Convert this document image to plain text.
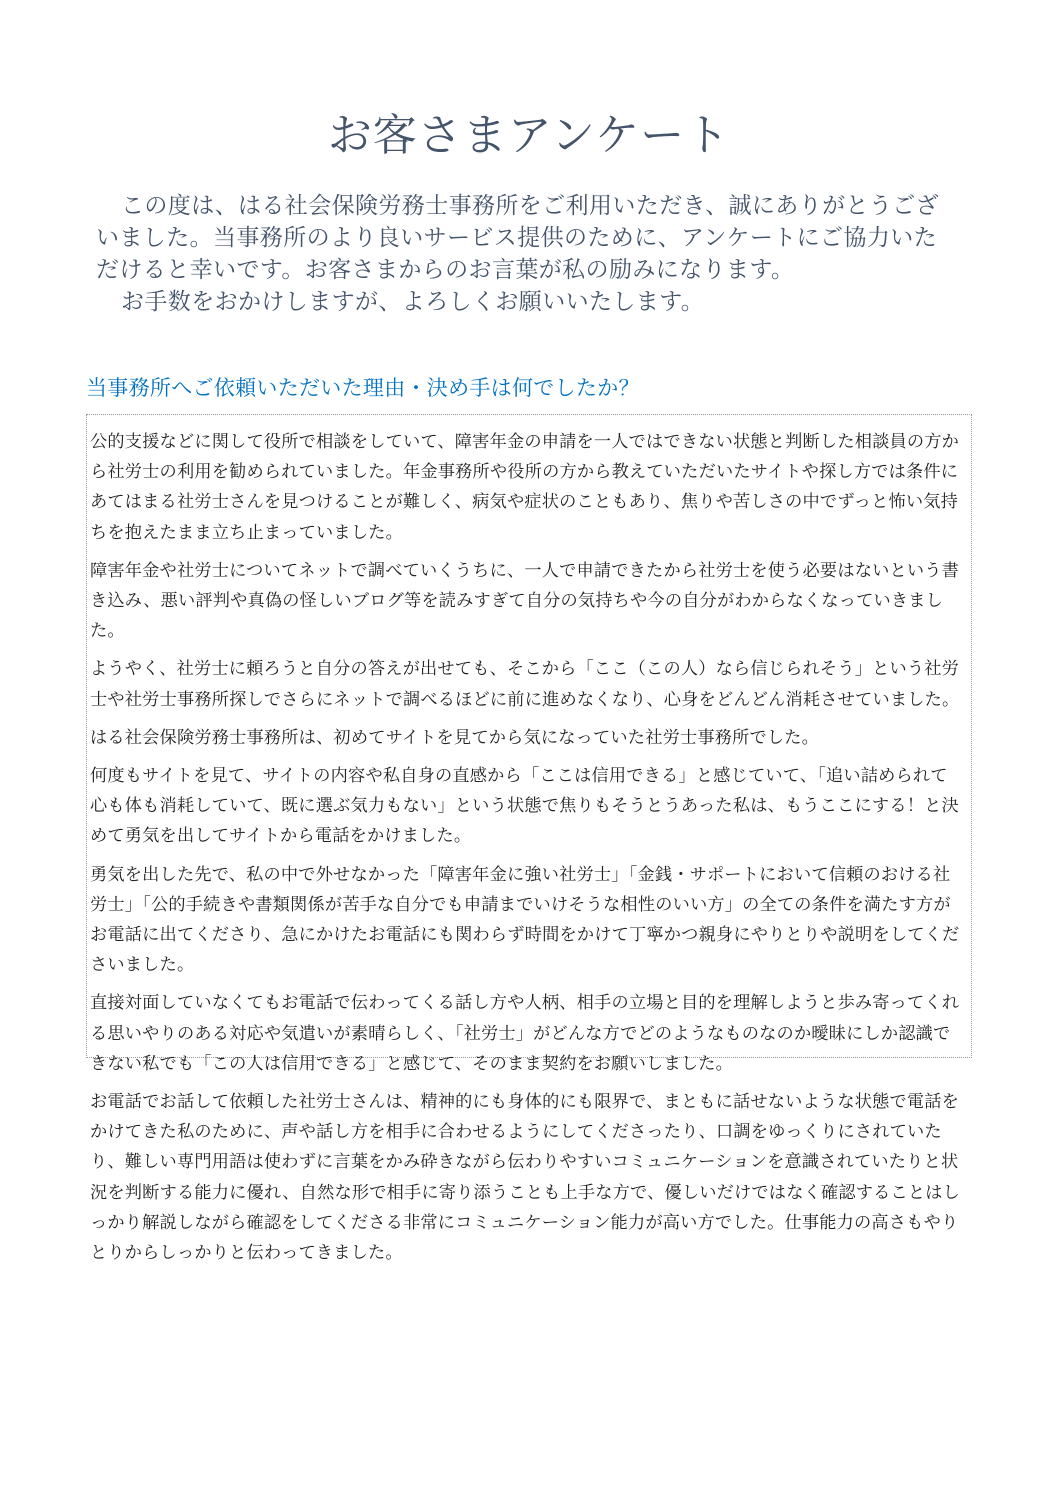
お客さまアンケート

この度は、はる社会保険労務士事務所をご利用いただき、誠にありがとうございました。当事務所のより良いサービス提供のために、アンケートにご協力いただけると幸いです。お客さまからのお言葉が私の励みになります。

お手数をおかけしますが、よろしくお願いいたします。

当事務所へご依頼いただいた理由・決め手は何でしたか？

公的支援などに関して役所で相談をしていて、障害年金の申請を一人ではできない状態と判断した相談員の方から社労士の利用を勧められていました。年金事務所や役所の方から教えていただいたサイトや探し方では条件にあてはまる社労士さんを見つけることが難しく、病気や症状のこともあり、焦りや苦しさの中でずっと怖い気持ちを抱えたまま立ち止まっていました。

障害年金や社労士についてネットで調べていくうちに、一人で申請できたから社労士を使う必要はないという書き込み、悪い評判や真偽の怪しいブログ等を読みすぎて自分の気持ちや今の自分がわからなくなっていきました。

ようやく、社労士に頼ろうと自分の答えが出せても、そこから「ここ（この人）なら信じられそう」という社労士や社労士事務所探しでさらにネットで調べるほどに前に進めなくなり、心身をどんどん消耗させていました。

はる社会保険労務士事務所は、初めてサイトを見てから気になっていた社労士事務所でした。

何度もサイトを見て、サイトの内容や私自身の直感から「ここは信用できる」と感じていて、「追い詰められて心も体も消耗していて、既に選ぶ気力もない」という状態で焦りもそうとうあった私は、もうここにする！と決めて勇気を出してサイトから電話をかけました。

勇気を出した先で、私の中で外せなかった「障害年金に強い社労士」「金銭・サポートにおいて信頼のおける社労士」「公的手続きや書類関係が苦手な自分でも申請までいけそうな相性のいい方」の全ての条件を満たす方がお電話に出てくださり、急にかけたお電話にも関わらず時間をかけて丁寧かつ親身にやりとりや説明をしてくださいました。

直接対面していなくてもお電話で伝わってくる話し方や人柄、相手の立場と目的を理解しようと歩み寄ってくれる思いやりのある対応や気遣いが素晴らしく、「社労士」がどんな方でどのようなものなのか曖昧にしか認識できない私でも「この人は信用できる」と感じて、そのまま契約をお願いしました。

お電話でお話して依頼した社労士さんは、精神的にも身体的にも限界で、まともに話せないような状態で電話をかけてきた私のために、声や話し方を相手に合わせるようにしてくださったり、口調をゆっくりにされていたり、難しい専門用語は使わずに言葉をかみ砕きながら伝わりやすいコミュニケーションを意識されていたりと状況を判断する能力に優れ、自然な形で相手に寄り添うことも上手な方で、優しいだけではなく確認することはしっかり解説しながら確認をしてくださる非常にコミュニケーション能力が高い方でした。仕事能力の高さもやりとりからしっかりと伝わってきました。
